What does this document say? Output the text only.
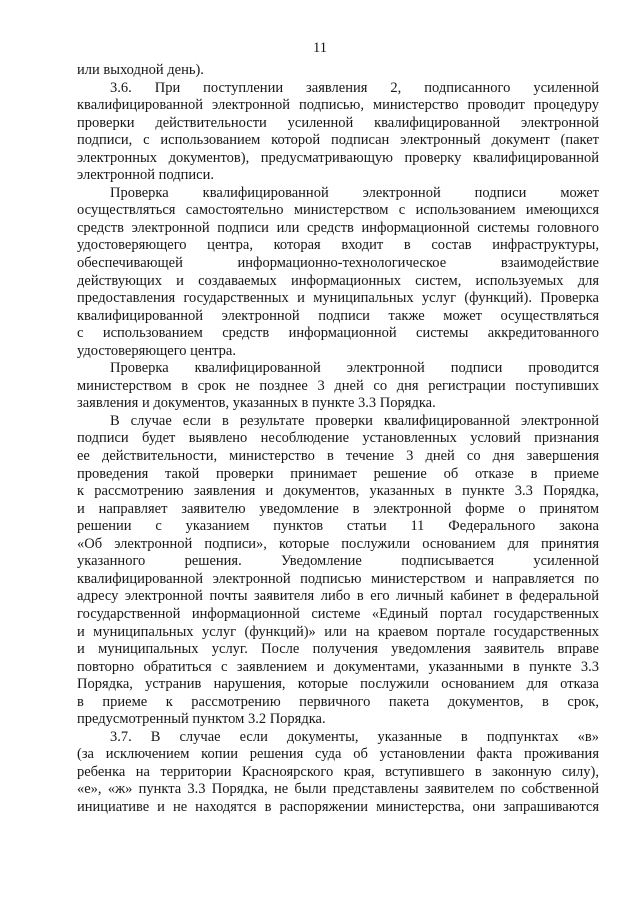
11
или выходной день).
3.6. При поступлении заявления 2, подписанного усиленной
квалифицированной электронной подписью, министерство проводит процедуру
проверки действительности усиленной квалифицированной электронной
подписи, с использованием которой подписан электронный документ (пакет
электронных документов), предусматривающую проверку квалифицированной
электронной подписи.
Проверка квалифицированной электронной подписи может
осуществляться самостоятельно министерством с использованием имеющихся
средств электронной подписи или средств информационной системы головного
удостоверяющего центра, которая входит в состав инфраструктуры,
обеспечивающей информационно-технологическое взаимодействие
действующих и создаваемых информационных систем, используемых для
предоставления государственных и муниципальных услуг (функций). Проверка
квалифицированной электронной подписи также может осуществляться
с использованием средств информационной системы аккредитованного
удостоверяющего центра.
Проверка квалифицированной электронной подписи проводится
министерством в срок не позднее 3 дней со дня регистрации поступивших
заявления и документов, указанных в пункте 3.3 Порядка.
В случае если в результате проверки квалифицированной электронной
подписи будет выявлено несоблюдение установленных условий признания
ее действительности, министерство в течение 3 дней со дня завершения
проведения такой проверки принимает решение об отказе в приеме
к рассмотрению заявления и документов, указанных в пункте 3.3 Порядка,
и направляет заявителю уведомление в электронной форме о принятом
решении с указанием пунктов статьи 11 Федерального закона
«Об электронной подписи», которые послужили основанием для принятия
указанного решения. Уведомление подписывается усиленной
квалифицированной электронной подписью министерством и направляется по
адресу электронной почты заявителя либо в его личный кабинет в федеральной
государственной информационной системе «Единый портал государственных
и муниципальных услуг (функций)» или на краевом портале государственных
и муниципальных услуг. После получения уведомления заявитель вправе
повторно обратиться с заявлением и документами, указанными в пункте 3.3
Порядка, устранив нарушения, которые послужили основанием для отказа
в приеме к рассмотрению первичного пакета документов, в срок,
предусмотренный пунктом 3.2 Порядка.
3.7. В случае если документы, указанные в подпунктах «в»
(за исключением копии решения суда об установлении факта проживания
ребенка на территории Красноярского края, вступившего в законную силу),
«е», «ж» пункта 3.3 Порядка, не были представлены заявителем по собственной
инициативе и не находятся в распоряжении министерства, они запрашиваются
